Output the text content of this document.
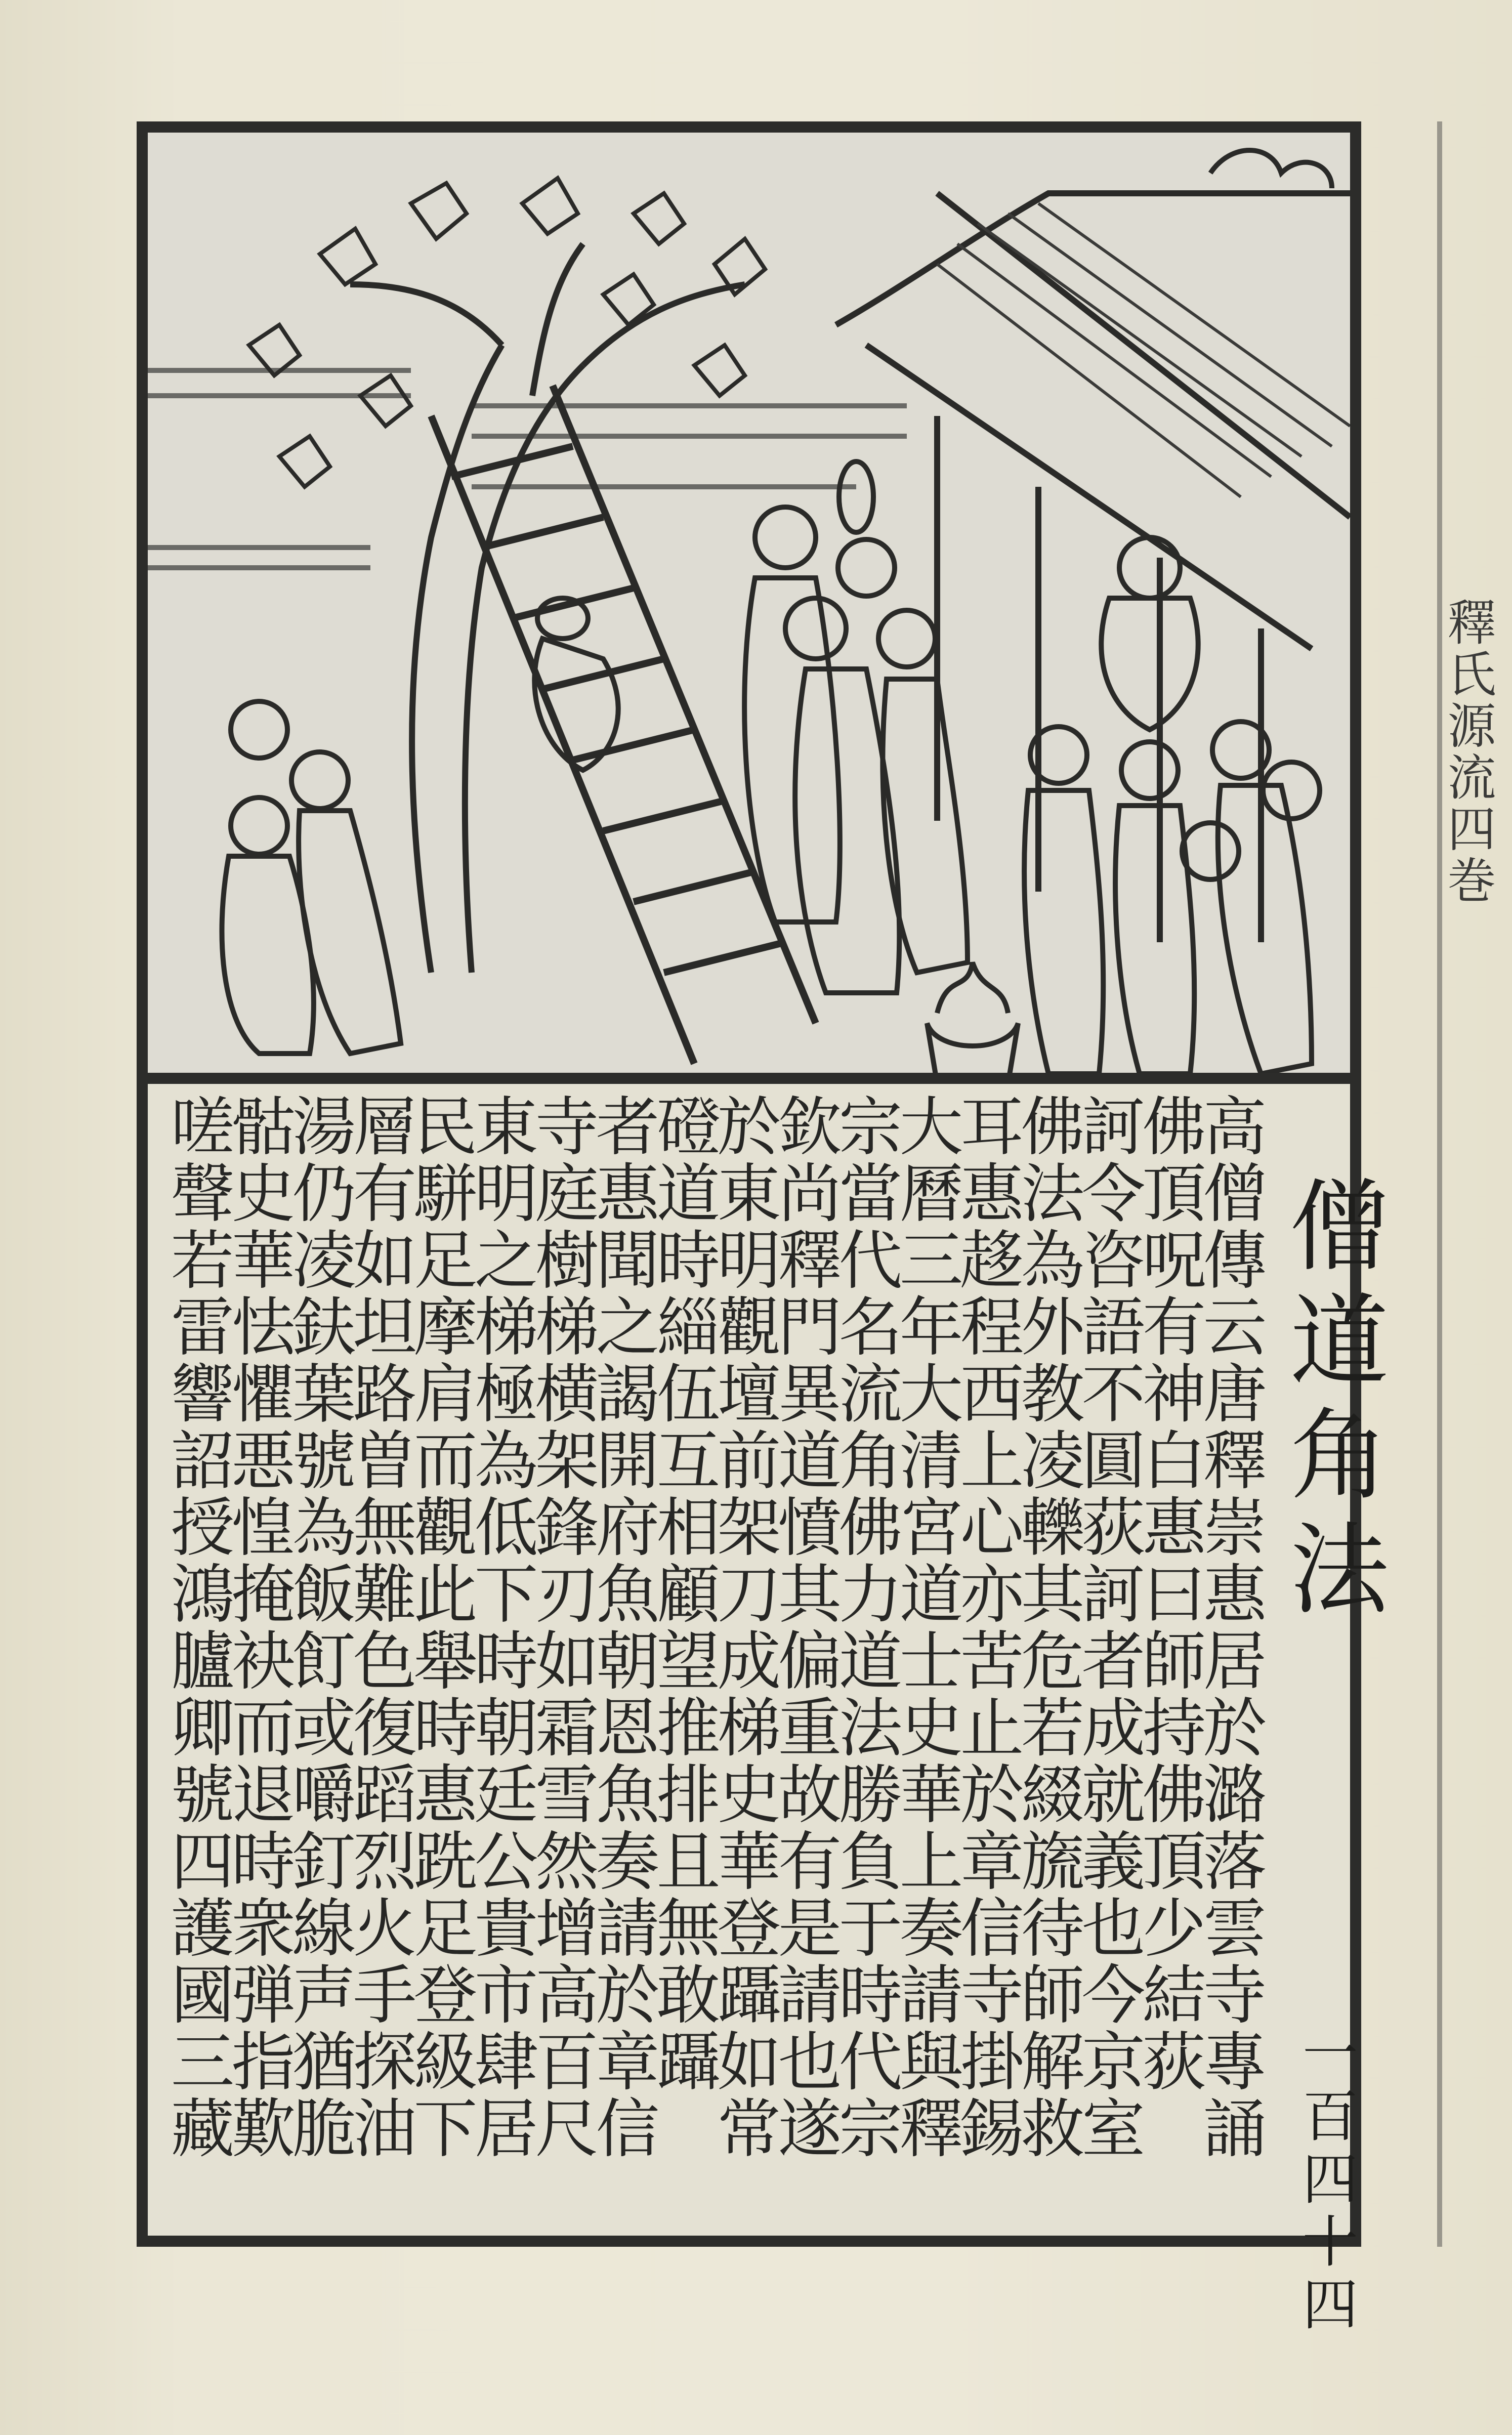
釋氏源流四巻
僧道角法
一百四十四
高僧傳云唐釋崇惠居於潞落雲寺專誦
佛頂呪有神白惠曰師持佛頂少結荻
訶令咨語不圓荻訶者成就義也今京室
佛法為外教凌轢其危若綴旒待師解救
耳惠趍程西上心亦苦止於章信寺掛錫
大曆三年大清宮道士史華上奏請與釋
宗當代名流角佛力道法勝負于時代宗
欽尚釋門異道憤其偏重故有是請也遂
於東明觀壇前架刀成梯史華登躡如常
磴道時緇伍互相顧望推排且無敢躡
者惠聞之謁開府魚朝恩魚奏請於章信
寺庭樹梯横架鋒刃如霜雪然增高百尺
東明之梯極為低下時朝廷公貴市肆居
民駢足摩肩而觀此舉時惠跣足登級下
層有如坦路曽無難色復蹈烈火手探油
湯仍凌鈇葉號為飯飣或嚼釘線声猶脆
骷史華怯懼悪惶掩袂而退時衆弾指歎
嗟聲若雷響詔授鴻臚卿號四護國三藏
